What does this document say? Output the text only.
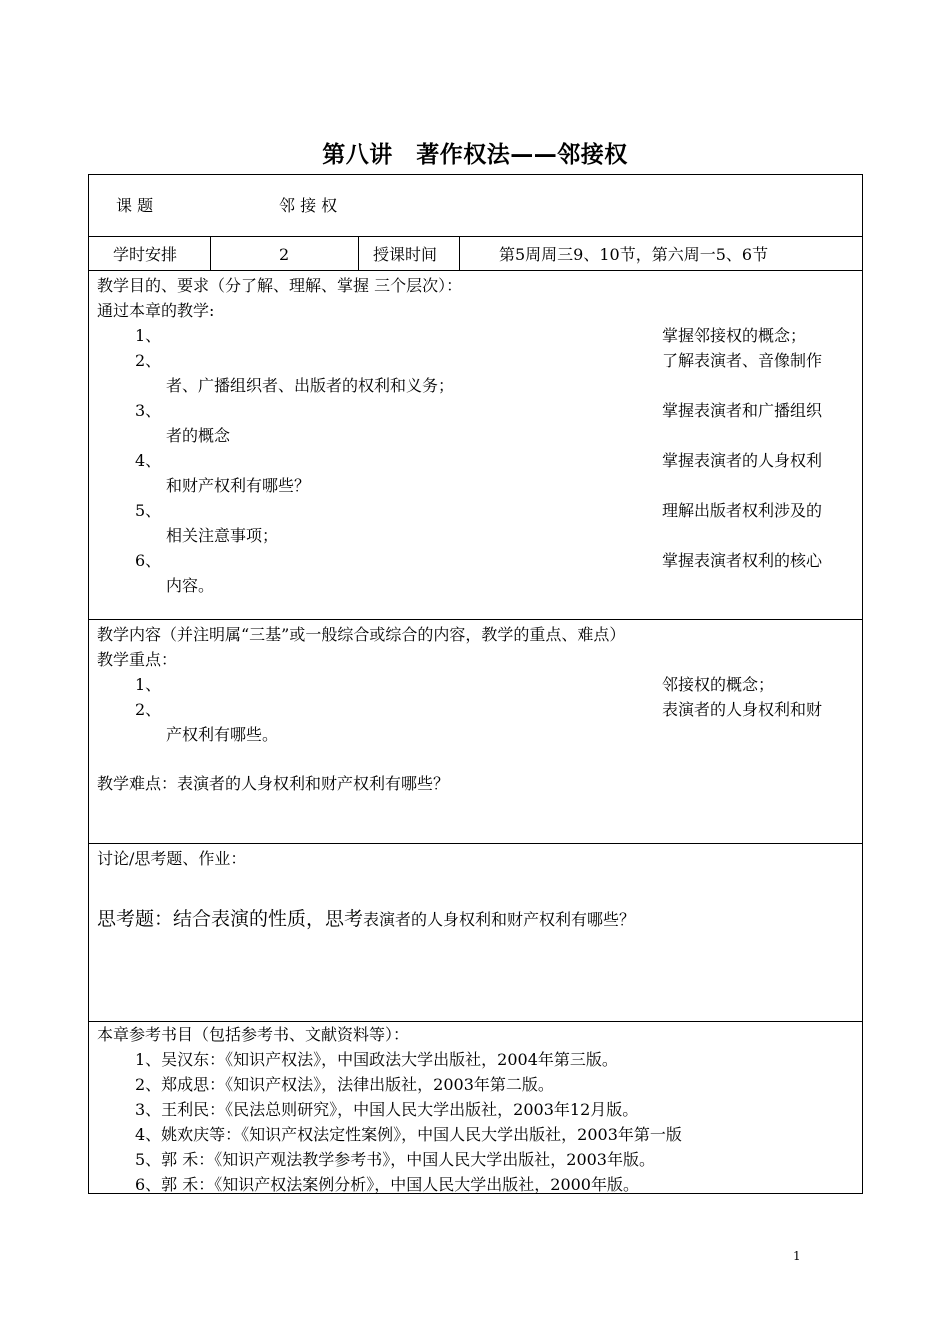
第八讲　著作权法——邻接权
课 题	邻 接 权
学时安排	2	授课时间	第5周周三9、10节，第六周一5、6节
教学目的、要求（分了解、理解、掌握 三个层次）：
通过本章的教学:
1、	掌握邻接权的概念；
2、	了解表演者、音像制作
者、广播组织者、出版者的权利和义务；
3、	掌握表演者和广播组织
者的概念
4、	掌握表演者的人身权利
和财产权利有哪些？
5、	理解出版者权利涉及的
相关注意事项；
6、	掌握表演者权利的核心
内容。
教学内容（并注明属“三基”或一般综合或综合的内容，教学的重点、难点）
教学重点：
1、	邻接权的概念；
2、	表演者的人身权利和财
产权利有哪些。
教学难点：表演者的人身权利和财产权利有哪些？
讨论/思考题、作业：
思考题：结合表演的性质，思考表演者的人身权利和财产权利有哪些？
本章参考书目（包括参考书、文献资料等）：
1、吴汉东：《知识产权法》，中国政法大学出版社，2004年第三版。
2、郑成思：《知识产权法》，法律出版社，2003年第二版。
3、王利民：《民法总则研究》，中国人民大学出版社，2003年12月版。
4、姚欢庆等：《知识产权法定性案例》，中国人民大学出版社，2003年第一版
5、郭 禾：《知识产观法教学参考书》，中国人民大学出版社，2003年版。
6、郭 禾：《知识产权法案例分析》，中国人民大学出版社，2000年版。
1
